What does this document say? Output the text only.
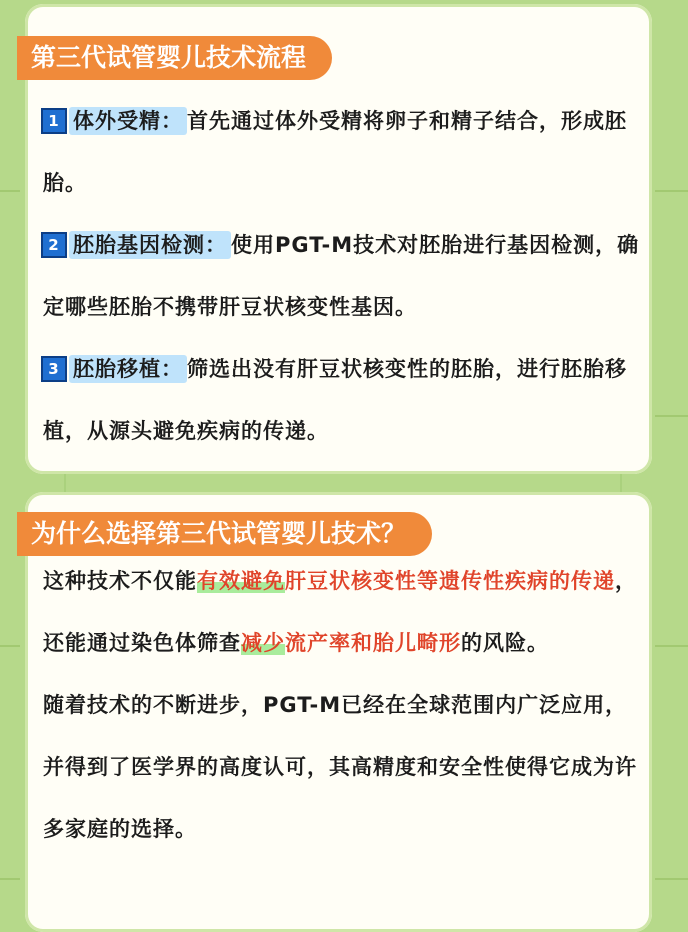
第三代试管婴儿技术流程
1 体外受精： 首先通过体外受精将卵子和精子结合，形成胚胎。
2 胚胎基因检测： 使用PGT-M技术对胚胎进行基因检测，确定哪些胚胎不携带肝豆状核变性基因。
3 胚胎移植： 筛选出没有肝豆状核变性的胚胎，进行胚胎移植，从源头避免疾病的传递。
为什么选择第三代试管婴儿技术？
这种技术不仅能有效避免肝豆状核变性等遗传性疾病的传递，还能通过染色体筛查减少流产率和胎儿畸形的风险。
随着技术的不断进步，PGT-M已经在全球范围内广泛应用，并得到了医学界的高度认可，其高精度和安全性使得它成为许多家庭的选择。
